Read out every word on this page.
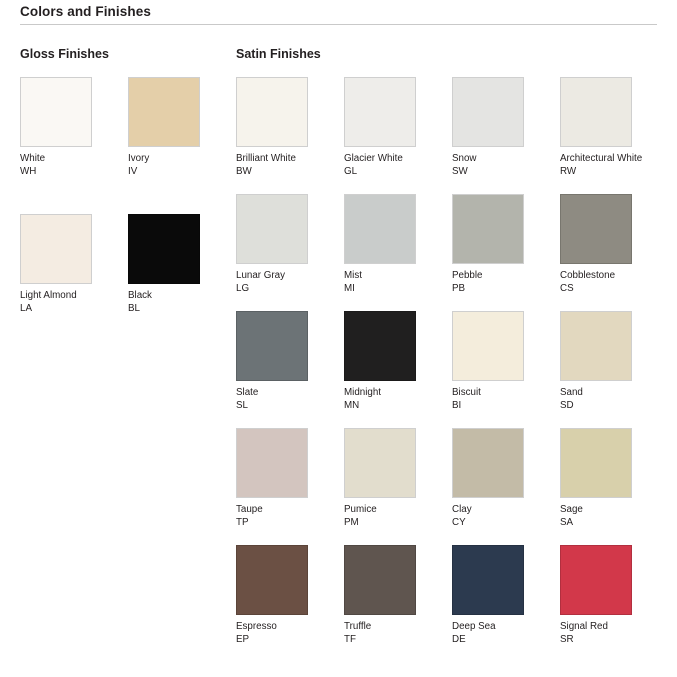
Colors and Finishes
Gloss Finishes
White
WH
Ivory
IV
Light Almond
LA
Black
BL
Satin Finishes
Brilliant White
BW
Glacier White
GL
Snow
SW
Architectural White
RW
Lunar Gray
LG
Mist
MI
Pebble
PB
Cobblestone
CS
Slate
SL
Midnight
MN
Biscuit
BI
Sand
SD
Taupe
TP
Pumice
PM
Clay
CY
Sage
SA
Espresso
EP
Truffle
TF
Deep Sea
DE
Signal Red
SR
